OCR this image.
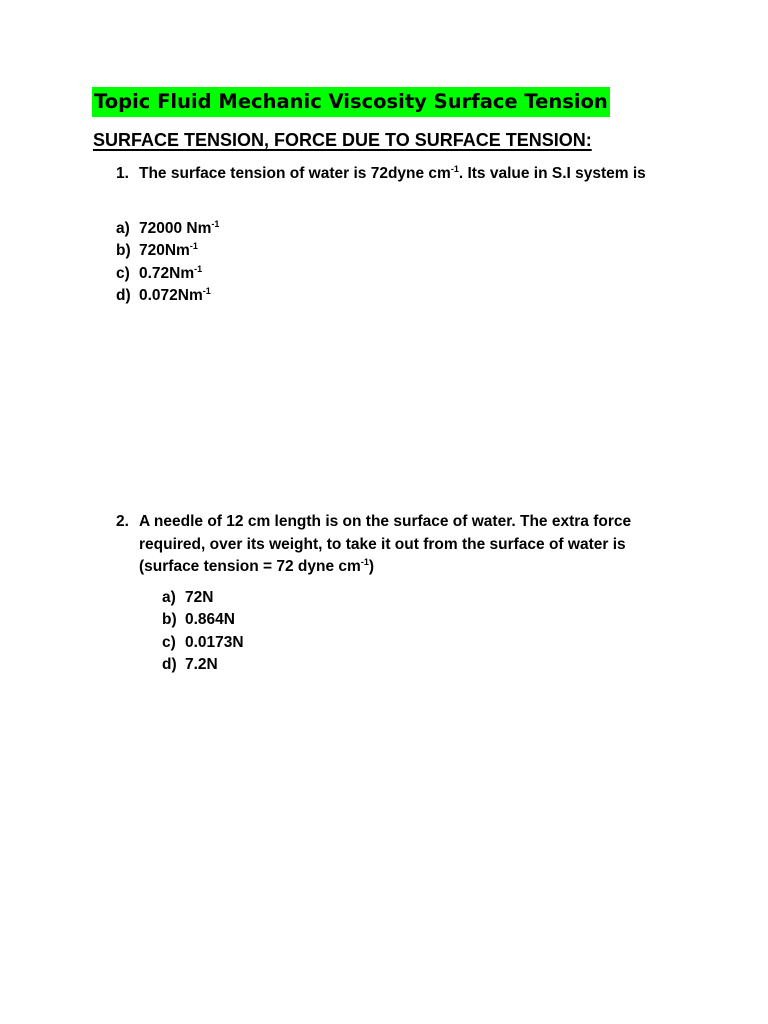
Topic Fluid Mechanic Viscosity Surface Tension
SURFACE TENSION, FORCE DUE TO SURFACE TENSION:
1. The surface tension of water is 72dyne $cm^{-1}$. Its value in S.I system is
a) 72000 $Nm^{-1}$
b) $720Nm^{-1}$
c) $0.72Nm^{-1}$
d) $0.072Nm^{-1}$
2. A needle of 12 cm length is on the surface of water. The extra force required, over its weight, to take it out from the surface of water is (surface tension = 72 dyne $cm^{-1}$)
a) 72N
b) 0.864N
c) 0.0173N
d) 7.2N
